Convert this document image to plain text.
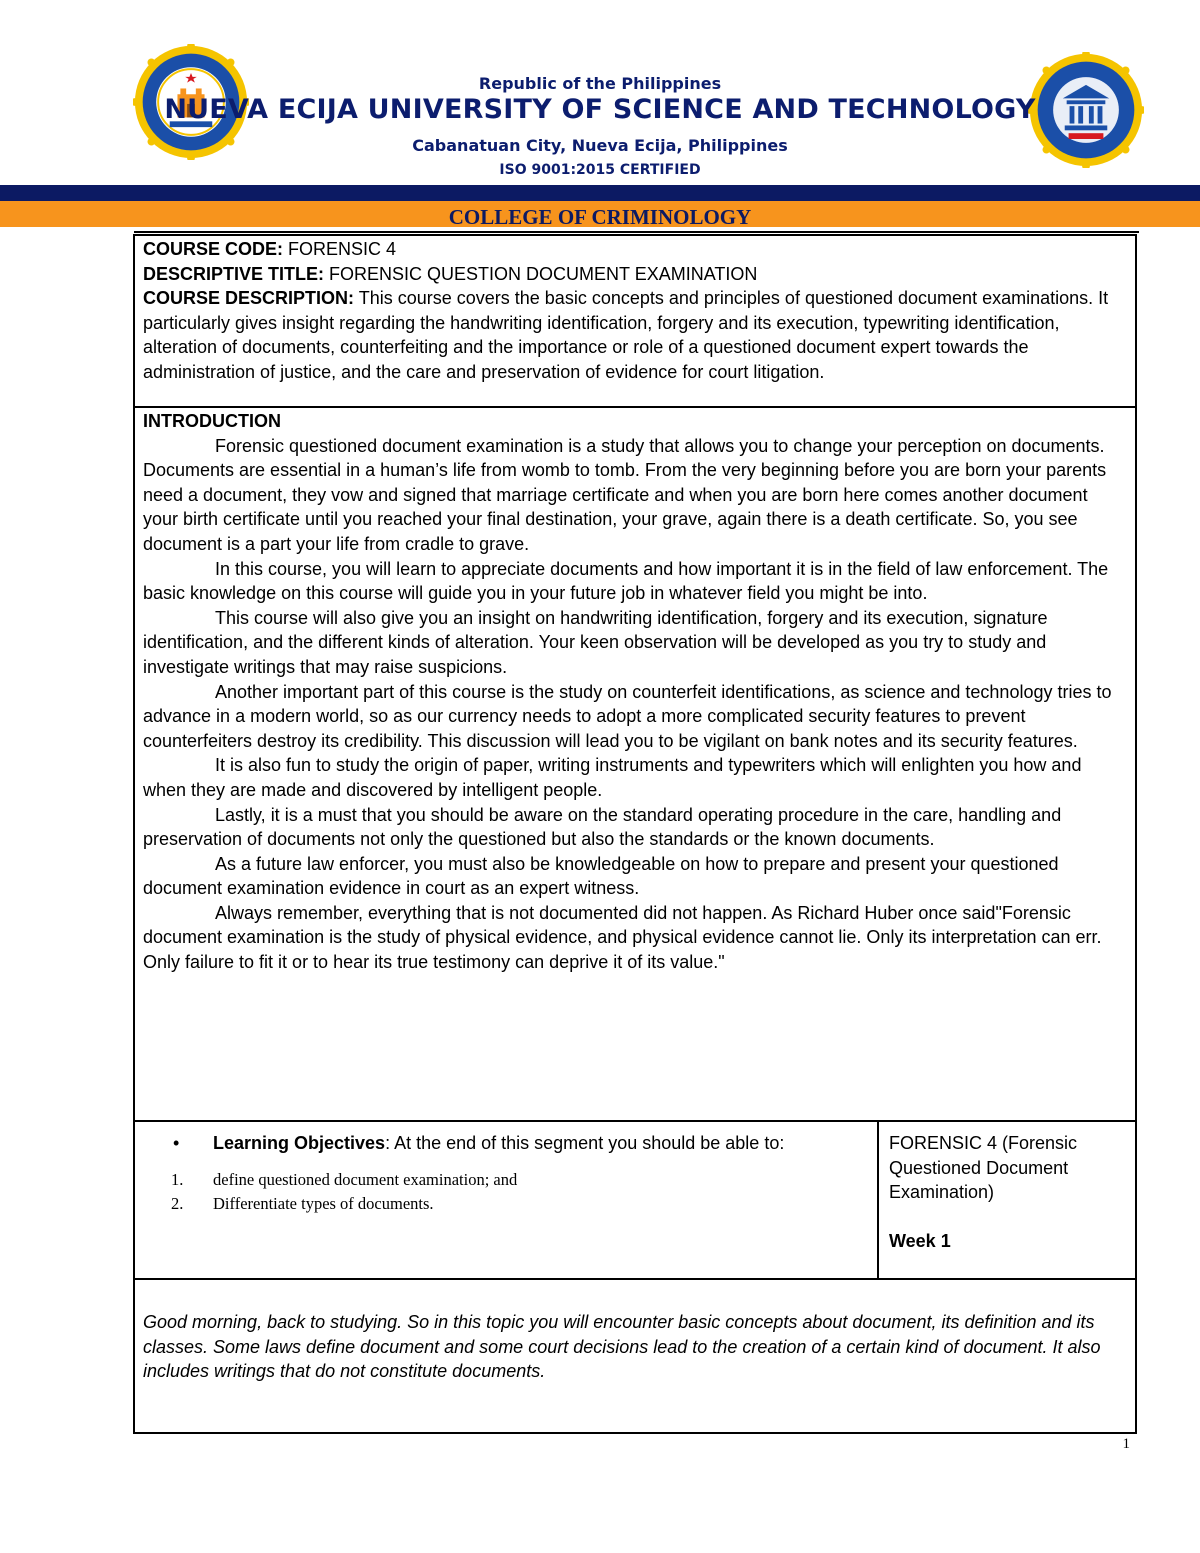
Republic of the Philippines

NUEVA ECIJA UNIVERSITY OF SCIENCE AND TECHNOLOGY

Cabanatuan City, Nueva Ecija, Philippines

ISO 9001:2015 CERTIFIED

COLLEGE OF CRIMINOLOGY

COURSE CODE: FORENSIC 4

DESCRIPTIVE TITLE: FORENSIC QUESTION DOCUMENT EXAMINATION

COURSE DESCRIPTION: This course covers the basic concepts and principles of questioned document examinations. It particularly gives insight regarding the handwriting identification, forgery and its execution, typewriting identification, alteration of documents, counterfeiting and the importance or role of a questioned document expert towards the administration of justice, and the care and preservation of evidence for court litigation.

INTRODUCTION

Forensic questioned document examination is a study that allows you to change your perception on documents. Documents are essential in a human’s life from womb to tomb. From the very beginning before you are born your parents need a document, they vow and signed that marriage certificate and when you are born here comes another document your birth certificate until you reached your final destination, your grave, again there is a death certificate. So, you see document is a part your life from cradle to grave.

In this course, you will learn to appreciate documents and how important it is in the field of law enforcement. The basic knowledge on this course will guide you in your future job in whatever field you might be into.

This course will also give you an insight on handwriting identification, forgery and its execution, signature identification, and the different kinds of alteration. Your keen observation will be developed as you try to study and investigate writings that may raise suspicions.

Another important part of this course is the study on counterfeit identifications, as science and technology tries to advance in a modern world, so as our currency needs to adopt a more complicated security features to prevent counterfeiters destroy its credibility. This discussion will lead you to be vigilant on bank notes and its security features.

It is also fun to study the origin of paper, writing instruments and typewriters which will enlighten you how and when they are made and discovered by intelligent people.

Lastly, it is a must that you should be aware on the standard operating procedure in the care, handling and preservation of documents not only the questioned but also the standards or the known documents.

As a future law enforcer, you must also be knowledgeable on how to prepare and present your questioned document examination evidence in court as an expert witness.

Always remember, everything that is not documented did not happen. As Richard Huber once said"Forensic document examination is the study of physical evidence, and physical evidence cannot lie. Only its interpretation can err. Only failure to fit it or to hear its true testimony can deprive it of its value."

• Learning Objectives: At the end of this segment you should be able to:
1. define questioned document examination; and
2. Differentiate types of documents.

FORENSIC 4 (Forensic Questioned Document Examination)

Week 1

Good morning, back to studying. So in this topic you will encounter basic concepts about document, its definition and its classes. Some laws define document and some court decisions lead to the creation of a certain kind of document. It also includes writings that do not constitute documents.

1
